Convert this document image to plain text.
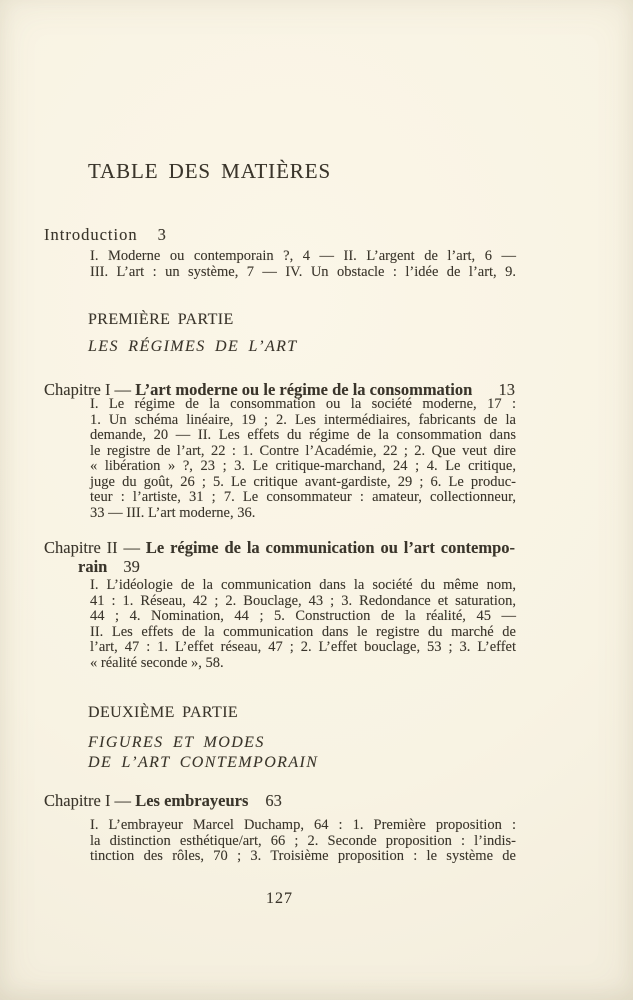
TABLE DES MATIÈRES
Introduction 3
I. Moderne ou contemporain ?, 4 — II. L’argent de l’art, 6 —
III. L’art : un système, 7 — IV. Un obstacle : l’idée de l’art, 9.
PREMIÈRE PARTIE
LES RÉGIMES DE L’ART
Chapitre I — L’art moderne ou le régime de la consommation 13
I. Le régime de la consommation ou la société moderne, 17 :
1. Un schéma linéaire, 19 ; 2. Les intermédiaires, fabricants de la
demande, 20 — II. Les effets du régime de la consommation dans
le registre de l’art, 22 : 1. Contre l’Académie, 22 ; 2. Que veut dire
« libération » ?, 23 ; 3. Le critique-marchand, 24 ; 4. Le critique,
juge du goût, 26 ; 5. Le critique avant-gardiste, 29 ; 6. Le produc-
teur : l’artiste, 31 ; 7. Le consommateur : amateur, collectionneur,
33 — III. L’art moderne, 36.
Chapitre II — Le régime de la communication ou l’art contempo-
rain 39
I. L’idéologie de la communication dans la société du même nom,
41 : 1. Réseau, 42 ; 2. Bouclage, 43 ; 3. Redondance et saturation,
44 ; 4. Nomination, 44 ; 5. Construction de la réalité, 45 —
II. Les effets de la communication dans le registre du marché de
l’art, 47 : 1. L’effet réseau, 47 ; 2. L’effet bouclage, 53 ; 3. L’effet
« réalité seconde », 58.
DEUXIÈME PARTIE
FIGURES ET MODES
DE L’ART CONTEMPORAIN
Chapitre I — Les embrayeurs 63
I. L’embrayeur Marcel Duchamp, 64 : 1. Première proposition :
la distinction esthétique/art, 66 ; 2. Seconde proposition : l’indis-
tinction des rôles, 70 ; 3. Troisième proposition : le système de
127
